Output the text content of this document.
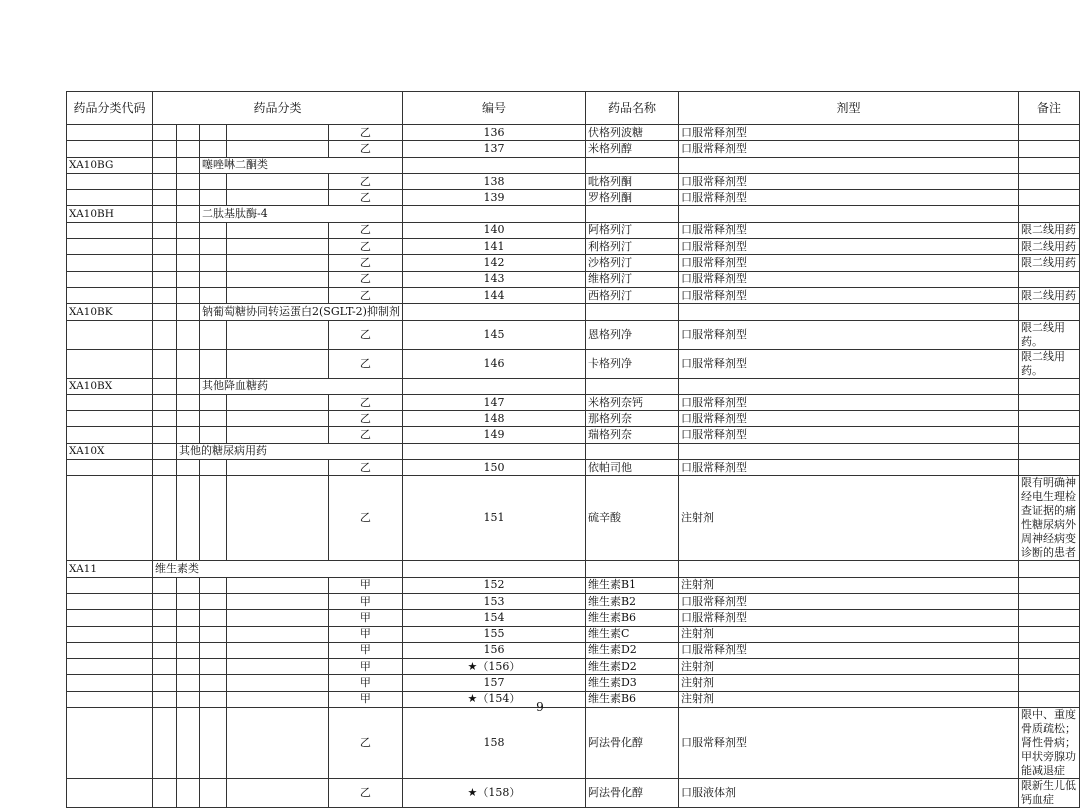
药品分类代码	药品分类					编号	药品名称	剂型	备注
					乙	136	伏格列波糖	口服常释剂型	
					乙	137	米格列醇	口服常释剂型	
XA10BG			噻唑啉二酮类						
					乙	138	吡格列酮	口服常释剂型	
					乙	139	罗格列酮	口服常释剂型	
XA10BH			二肽基肽酶-4						
					乙	140	阿格列汀	口服常释剂型	限二线用药
					乙	141	利格列汀	口服常释剂型	限二线用药
					乙	142	沙格列汀	口服常释剂型	限二线用药
					乙	143	维格列汀	口服常释剂型	
					乙	144	西格列汀	口服常释剂型	限二线用药
XA10BK			钠葡萄糖协同转运蛋白2(SGLT-2)抑制剂						
					乙	145	恩格列净	口服常释剂型	限二线用药。
					乙	146	卡格列净	口服常释剂型	限二线用药。
XA10BX			其他降血糖药						
					乙	147	米格列奈钙	口服常释剂型	
					乙	148	那格列奈	口服常释剂型	
					乙	149	瑞格列奈	口服常释剂型	
XA10X		其他的糖尿病用药							
					乙	150	依帕司他	口服常释剂型	
					乙	151	硫辛酸	注射剂	限有明确神经电生理检查证据的痛性糖尿病外周神经病变诊断的患者
XA11	维生素类								
					甲	152	维生素B1	注射剂	
					甲	153	维生素B2	口服常释剂型	
					甲	154	维生素B6	口服常释剂型	
					甲	155	维生素C	注射剂	
					甲	156	维生素D2	口服常释剂型	
					甲	★（156）	维生素D2	注射剂	
					甲	157	维生素D3	注射剂	
					甲	★（154）	维生素B6	注射剂	
					乙	158	阿法骨化醇	口服常释剂型	限中、重度骨质疏松；肾性骨病；甲状旁腺功能减退症
					乙	★（158）	阿法骨化醇	口服液体剂	限新生儿低钙血症
9
